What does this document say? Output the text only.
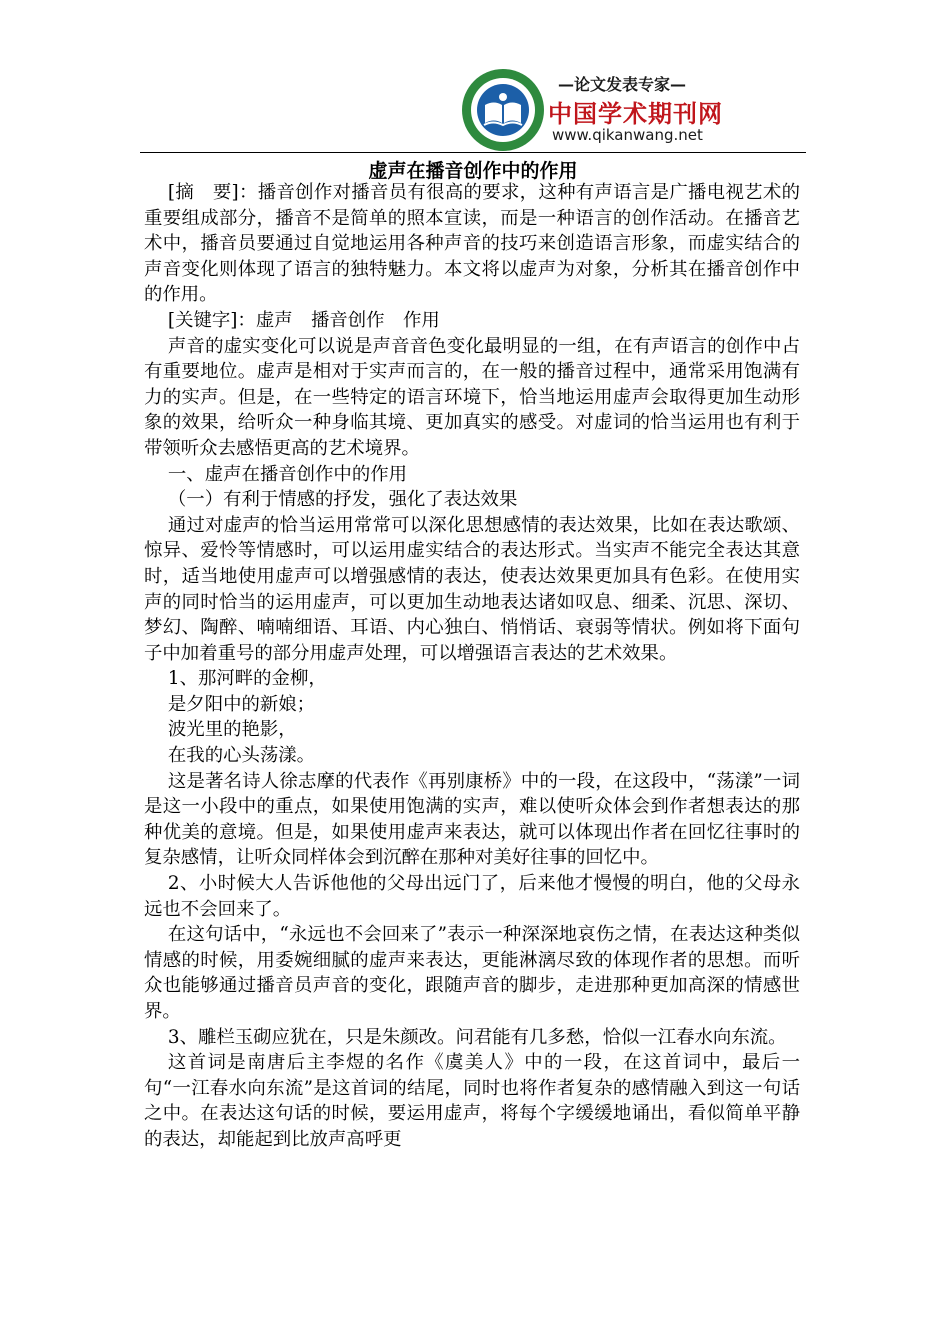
—论文发表专家—
中国学术期刊网
www.qikanwang.net
虚声在播音创作中的作用

[摘　要]：播音创作对播音员有很高的要求，这种有声语言是广播电视艺术的重要组成部分，播音不是简单的照本宣读，而是一种语言的创作活动。在播音艺术中，播音员要通过自觉地运用各种声音的技巧来创造语言形象，而虚实结合的声音变化则体现了语言的独特魅力。本文将以虚声为对象，分析其在播音创作中的作用。

[关键字]：虚声　播音创作　作用

声音的虚实变化可以说是声音音色变化最明显的一组，在有声语言的创作中占有重要地位。虚声是相对于实声而言的，在一般的播音过程中，通常采用饱满有力的实声。但是，在一些特定的语言环境下，恰当地运用虚声会取得更加生动形象的效果，给听众一种身临其境、更加真实的感受。对虚词的恰当运用也有利于带领听众去感悟更高的艺术境界。

一、虚声在播音创作中的作用

（一）有利于情感的抒发，强化了表达效果

通过对虚声的恰当运用常常可以深化思想感情的表达效果，比如在表达歌颂、惊异、爱怜等情感时，可以运用虚实结合的表达形式。当实声不能完全表达其意时，适当地使用虚声可以增强感情的表达，使表达效果更加具有色彩。在使用实声的同时恰当的运用虚声，可以更加生动地表达诸如叹息、细柔、沉思、深切、梦幻、陶醉、喃喃细语、耳语、内心独白、悄悄话、衰弱等情状。例如将下面句子中加着重号的部分用虚声处理，可以增强语言表达的艺术效果。

1、那河畔的金柳，

是夕阳中的新娘；

波光里的艳影，

在我的心头荡漾。

这是著名诗人徐志摩的代表作《再别康桥》中的一段，在这段中，“荡漾”一词是这一小段中的重点，如果使用饱满的实声，难以使听众体会到作者想表达的那种优美的意境。但是，如果使用虚声来表达，就可以体现出作者在回忆往事时的复杂感情，让听众同样体会到沉醉在那种对美好往事的回忆中。

2、小时候大人告诉他他的父母出远门了，后来他才慢慢的明白，他的父母永远也不会回来了。

在这句话中，“永远也不会回来了”表示一种深深地哀伤之情，在表达这种类似情感的时候，用委婉细腻的虚声来表达，更能淋漓尽致的体现作者的思想。而听众也能够通过播音员声音的变化，跟随声音的脚步，走进那种更加高深的情感世界。

3、雕栏玉砌应犹在，只是朱颜改。问君能有几多愁，恰似一江春水向东流。

这首词是南唐后主李煜的名作《虞美人》中的一段，在这首词中，最后一句“一江春水向东流”是这首词的结尾，同时也将作者复杂的感情融入到这一句话之中。在表达这句话的时候，要运用虚声，将每个字缓缓地诵出，看似简单平静的表达，却能起到比放声高呼更
